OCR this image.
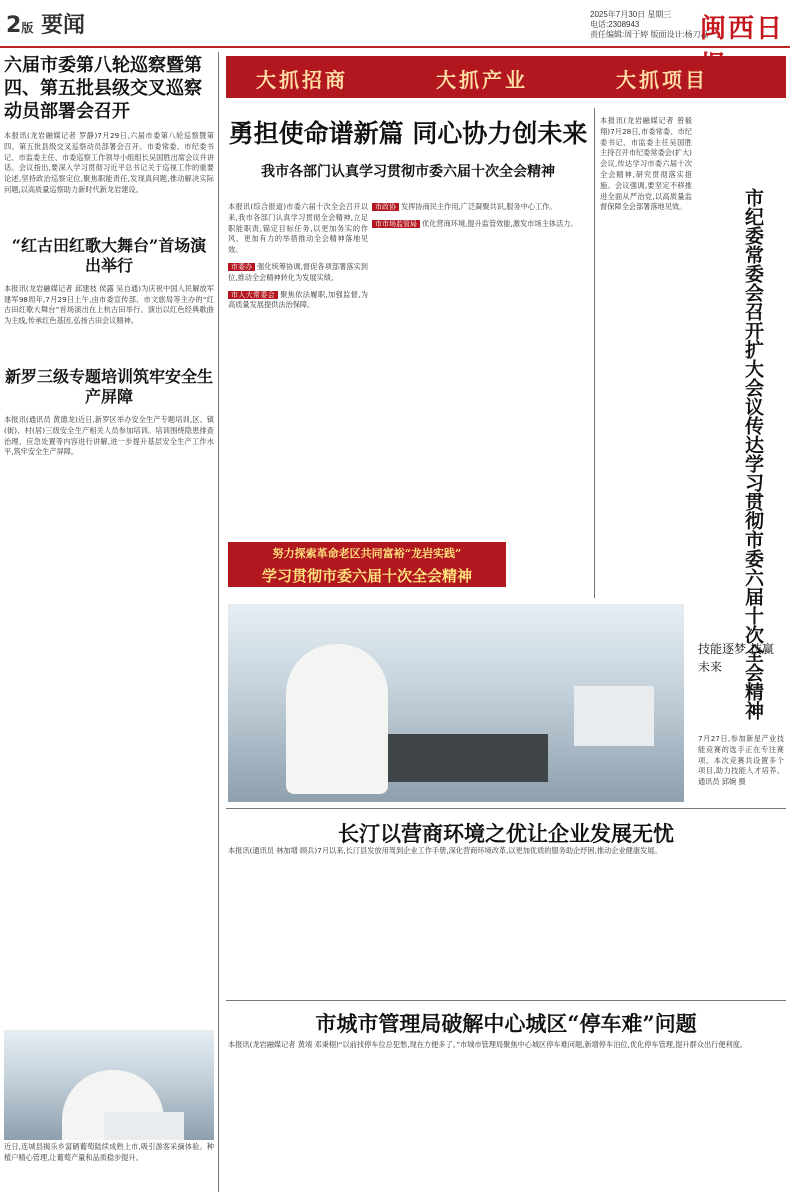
2版 要闻	2025年7月30日 星期三
电话:2308943
责任编辑:周于婷 版面设计:杨刀磊
闽西日
六届市委第八轮巡察暨第四、第五批县级交叉巡察动员部署会召开
本报讯(龙岩融媒记者 罗静)7月29日,六届市委第八轮巡察暨第四、第五批县级交叉巡察动员部署会召开。市委常委、市纪委书记、市监委主任、市委巡察工作领导小组组长吴国胜出席会议并讲话。会议指出,要深入学习贯彻习近平总书记关于巡视工作的重要论述,坚持政治巡察定位,聚焦职能责任,发现真问题,推动解决实际问题,以高质量巡察助力新时代新龙岩建设。
“红古田红歌大舞台”首场演出举行
本报讯(龙岩融媒记者 邱建枝 侯露 吴自通)为庆祝中国人民解放军建军98周年,7月29日上午,由市委宣传部、市文旅局等主办的“红古田红歌大舞台”首场演出在上杭古田举行。演出以红色经典歌曲为主线,传承红色基因,弘扬古田会议精神。
新罗三级专题培训筑牢安全生产屏障
本报讯(通讯员 黄德龙)近日,新罗区举办安全生产专题培训,区、镇(街)、村(居)三级安全生产相关人员参加培训。培训围绕隐患排查治理、应急处置等内容进行讲解,进一步提升基层安全生产工作水平,筑牢安全生产屏障。
近日,连城县揭乐乡富硒葡萄陆续成熟上市,吸引游客采摘体验。种植户精心管理,让葡萄产量和品质稳步提升。
大抓招商	大抓产业	大抓项目
勇担使命谱新篇 同心协力创未来
我市各部门认真学习贯彻市委六届十次全会精神
本报讯(综合报道)市委六届十次全会召开以来,我市各部门认真学习贯彻全会精神,立足职能职责,锚定目标任务,以更加务实的作风、更加有力的举措推动全会精神落地见效。
市委办 强化统筹协调,督促各项部署落实到位,推动全会精神转化为发展实绩。
市人大常委会 聚焦依法履职,加强监督,为高质量发展提供法治保障。
市政协 发挥协商民主作用,广泛凝聚共识,服务中心工作。
市市场监管局 优化营商环境,提升监管效能,激发市场主体活力。
努力探索革命老区共同富裕“龙岩实践”
学习贯彻市委六届十次全会精神
本报讯(龙岩融媒记者 曾毅翔)7月28日,市委常委、市纪委书记、市监委主任吴国胜主持召开市纪委常委会(扩大)会议,传达学习市委六届十次全会精神,研究贯彻落实措施。会议强调,要坚定不移推进全面从严治党,以高质量监督保障全会部署落地见效。	市纪委常委会召开扩大会议传达学习贯彻市委六届十次全会精神
技能逐梦 技赢未来
7月27日,参加新星产业技能竞赛的选手正在专注赛项。本次竞赛共设置多个项目,助力技能人才培养。通讯员 邱婉 摄
长汀以营商环境之优让企业发展无忧
本报讯(通讯员 林加增 顾兵)7月以来,长汀县发放用驾到企业工作手册,深化营商环境改革,以更加优质的服务助企纾困,推动企业健康发展。
市城市管理局破解中心城区“停车难”问题
本报讯(龙岩融媒记者 黄靖 邓秉栩)“以前找停车位总犯愁,现在方便多了。”市城市管理局聚焦中心城区停车难问题,新增停车泊位,优化停车管理,提升群众出行便利度。
